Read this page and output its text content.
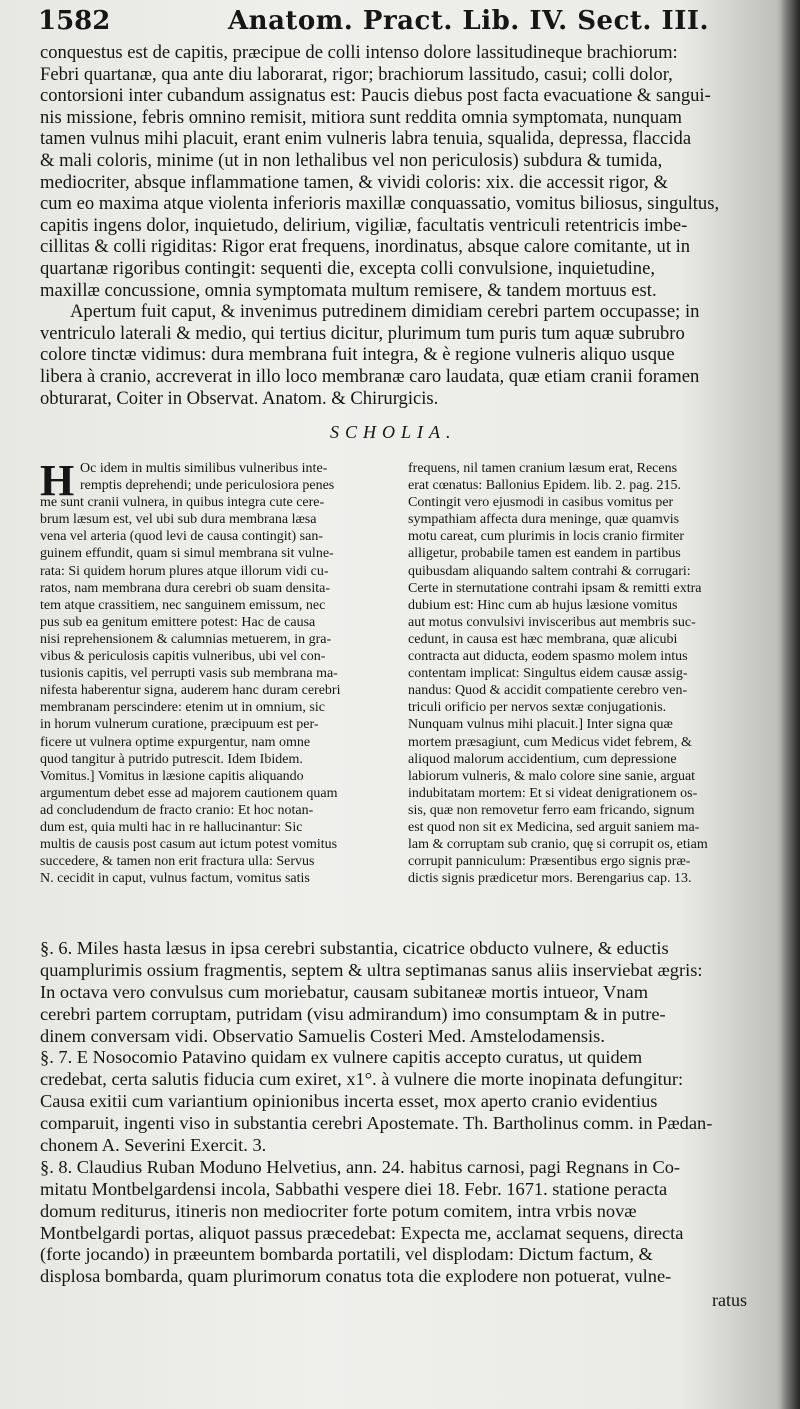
1582	Anatom. Pract. Lib. IV. Sect. III.
conquestus est de capitis, præcipue de colli intenso dolore lassitudineque brachiorum:
Febri quartanæ, qua ante diu laborarat, rigor; brachiorum lassitudo, casui; colli dolor,
contorsioni inter cubandum assignatus est: Paucis diebus post facta evacuatione & sangui-
nis missione, febris omnino remisit, mitiora sunt reddita omnia symptomata, nunquam
tamen vulnus mihi placuit, erant enim vulneris labra tenuia, squalida, depressa, flaccida
& mali coloris, minime (ut in non lethalibus vel non periculosis) subdura & tumida,
mediocriter, absque inflammatione tamen, & vividi coloris: xix. die accessit rigor, &
cum eo maxima atque violenta inferioris maxillæ conquassatio, vomitus biliosus, singultus,
capitis ingens dolor, inquietudo, delirium, vigiliæ, facultatis ventriculi retentricis imbe-
cillitas & colli rigiditas: Rigor erat frequens, inordinatus, absque calore comitante, ut in
quartanæ rigoribus contingit: sequenti die, excepta colli convulsione, inquietudine,
maxillæ concussione, omnia symptomata multum remisere, & tandem mortuus est.
Apertum fuit caput, & invenimus putredinem dimidiam cerebri partem occupasse; in
ventriculo laterali & medio, qui tertius dicitur, plurimum tum puris tum aquæ subrubro
colore tinctæ vidimus: dura membrana fuit integra, & è regione vulneris aliquo usque
libera à cranio, accreverat in illo loco membranæ caro laudata, quæ etiam cranii foramen
obturarat, Coiter in Observat. Anatom. & Chirurgicis.
SCHOLIA.
H Oc idem in multis similibus vulneribus inte-
remptis deprehendi; unde periculosiora penes
me sunt cranii vulnera, in quibus integra cute cere-
brum læsum est, vel ubi sub dura membrana læsa
vena vel arteria (quod levi de causa contingit) san-
guinem effundit, quam si simul membrana sit vulne-
rata: Si quidem horum plures atque illorum vidi cu-
ratos, nam membrana dura cerebri ob suam densita-
tem atque crassitiem, nec sanguinem emissum, nec
pus sub ea genitum emittere potest: Hac de causa
nisi reprehensionem & calumnias metuerem, in gra-
vibus & periculosis capitis vulneribus, ubi vel con-
tusionis capitis, vel perrupti vasis sub membrana ma-
nifesta haberentur signa, auderem hanc duram cerebri
membranam perscindere: etenim ut in omnium, sic
in horum vulnerum curatione, præcipuum est per-
ficere ut vulnera optime expurgentur, nam omne
quod tangitur à putrido putrescit. Idem Ibidem.
Vomitus.] Vomitus in læsione capitis aliquando
argumentum debet esse ad majorem cautionem quam
ad concludendum de fracto cranio: Et hoc notan-
dum est, quia multi hac in re hallucinantur: Sic
multis de causis post casum aut ictum potest vomitus
succedere, & tamen non erit fractura ulla: Servus
N. cecidit in caput, vulnus factum, vomitus satis
frequens, nil tamen cranium læsum erat, Recens
erat cœnatus: Ballonius Epidem. lib. 2. pag. 215.
Contingit vero ejusmodi in casibus vomitus per
sympathiam affecta dura meninge, quæ quamvis
motu careat, cum plurimis in locis cranio firmiter
alligetur, probabile tamen est eandem in partibus
quibusdam aliquando saltem contrahi & corrugari:
Certe in sternutatione contrahi ipsam & remitti extra
dubium est: Hinc cum ab hujus læsione vomitus
aut motus convulsivi invisceribus aut membris suc-
cedunt, in causa est hæc membrana, quæ alicubi
contracta aut diducta, eodem spasmo molem intus
contentam implicat: Singultus eidem causæ assig-
nandus: Quod & accidit compatiente cerebro ven-
triculi orificio per nervos sextæ conjugationis.
Nunquam vulnus mihi placuit.] Inter signa quæ
mortem præsagiunt, cum Medicus videt febrem, &
aliquod malorum accidentium, cum depressione
labiorum vulneris, & malo colore sine sanie, arguat
indubitatam mortem: Et si videat denigrationem os-
sis, quæ non removetur ferro eam fricando, signum
est quod non sit ex Medicina, sed arguit saniem ma-
lam & corruptam sub cranio, quę si corrupit os, etiam
corrupit panniculum: Præsentibus ergo signis præ-
dictis signis prædicetur mors. Berengarius cap. 13.
§. 6. Miles hasta læsus in ipsa cerebri substantia, cicatrice obducto vulnere, & eductis
quamplurimis ossium fragmentis, septem & ultra septimanas sanus aliis inserviebat ægris:
In octava vero convulsus cum moriebatur, causam subitaneæ mortis intueor, Vnam
cerebri partem corruptam, putridam (visu admirandum) imo consumptam & in putre-
dinem conversam vidi. Observatio Samuelis Costeri Med. Amstelodamensis.
§. 7. E Nosocomio Patavino quidam ex vulnere capitis accepto curatus, ut quidem
credebat, certa salutis fiducia cum exiret, x1°. à vulnere die morte inopinata defungitur:
Causa exitii cum variantium opinionibus incerta esset, mox aperto cranio evidentius
comparuit, ingenti viso in substantia cerebri Apostemate. Th. Bartholinus comm. in Pædan-
chonem A. Severini Exercit. 3.
§. 8. Claudius Ruban Moduno Helvetius, ann. 24. habitus carnosi, pagi Regnans in Co-
mitatu Montbelgardensi incola, Sabbathi vespere diei 18. Febr. 1671. statione peracta
domum rediturus, itineris non mediocriter forte potum comitem, intra vrbis novæ
Montbelgardi portas, aliquot passus præcedebat: Expecta me, acclamat sequens, directa
(forte jocando) in præeuntem bombarda portatili, vel displodam: Dictum factum, &
displosa bombarda, quam plurimorum conatus tota die explodere non potuerat, vulne-
ratus
